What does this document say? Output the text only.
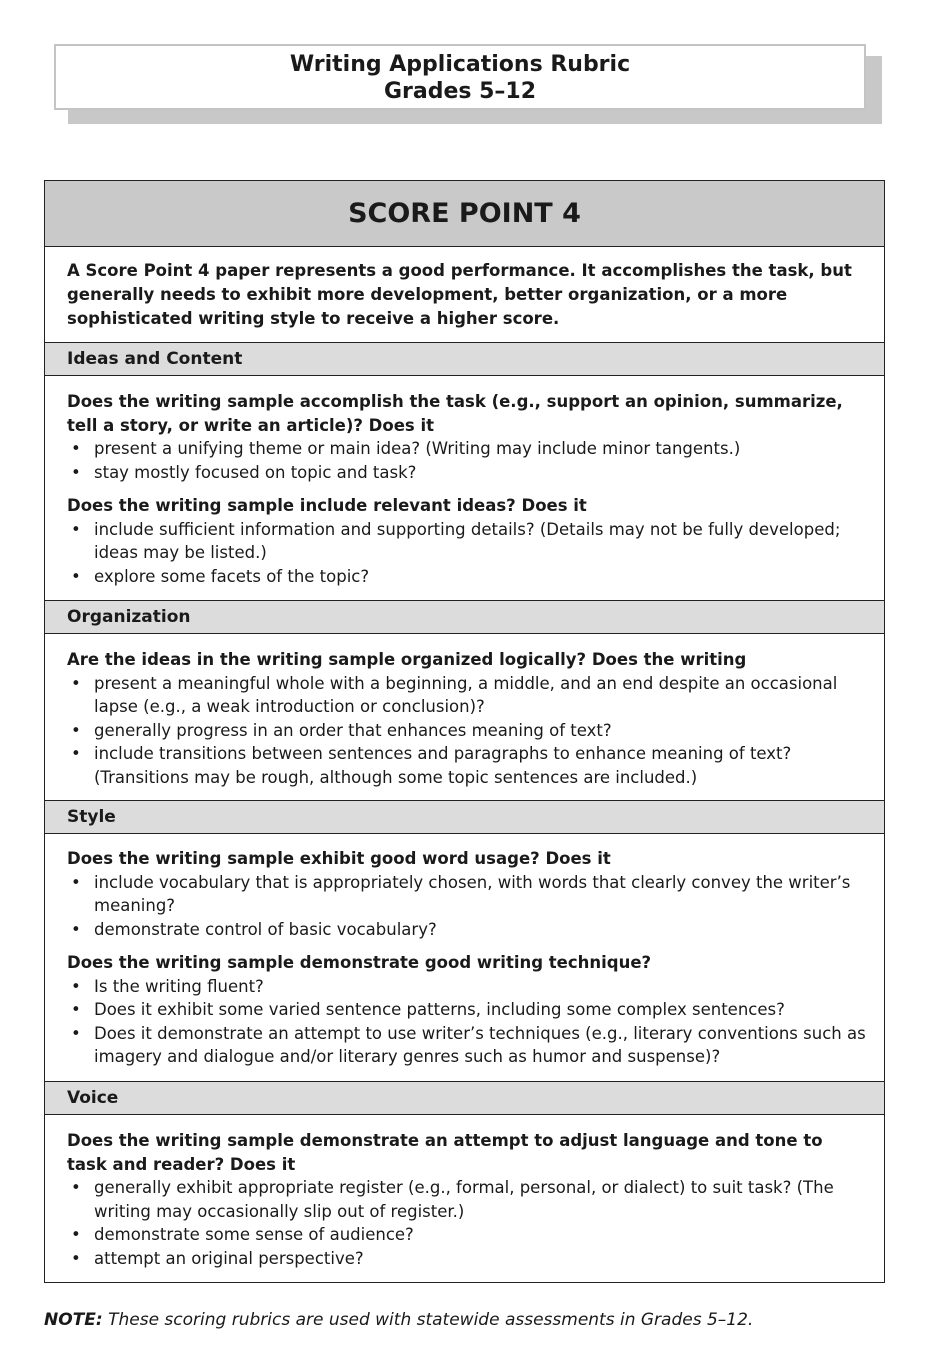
Writing Applications Rubric
Grades 5–12
SCORE POINT 4
A Score Point 4 paper represents a good performance. It accomplishes the task, but generally needs to exhibit more development, better organization, or a more sophisticated writing style to receive a higher score.
Ideas and Content

Does the writing sample accomplish the task (e.g., support an opinion, summarize, tell a story, or write an article)? Does it

• present a unifying theme or main idea? (Writing may include minor tangents.)
• stay mostly focused on topic and task?

Does the writing sample include relevant ideas? Does it

• include sufficient information and supporting details? (Details may not be fully developed; ideas may be listed.)
• explore some facets of the topic?
Organization

Are the ideas in the writing sample organized logically? Does the writing

• present a meaningful whole with a beginning, a middle, and an end despite an occasional lapse (e.g., a weak introduction or conclusion)?
• generally progress in an order that enhances meaning of text?
• include transitions between sentences and paragraphs to enhance meaning of text? (Transitions may be rough, although some topic sentences are included.)
Style

Does the writing sample exhibit good word usage? Does it

• include vocabulary that is appropriately chosen, with words that clearly convey the writer’s meaning?
• demonstrate control of basic vocabulary?

Does the writing sample demonstrate good writing technique?

• Is the writing fluent?
• Does it exhibit some varied sentence patterns, including some complex sentences?
• Does it demonstrate an attempt to use writer’s techniques (e.g., literary conventions such as imagery and dialogue and/or literary genres such as humor and suspense)?
Voice

Does the writing sample demonstrate an attempt to adjust language and tone to task and reader? Does it

• generally exhibit appropriate register (e.g., formal, personal, or dialect) to suit task? (The writing may occasionally slip out of register.)
• demonstrate some sense of audience?
• attempt an original perspective?
NOTE: These scoring rubrics are used with statewide assessments in Grades 5–12.
